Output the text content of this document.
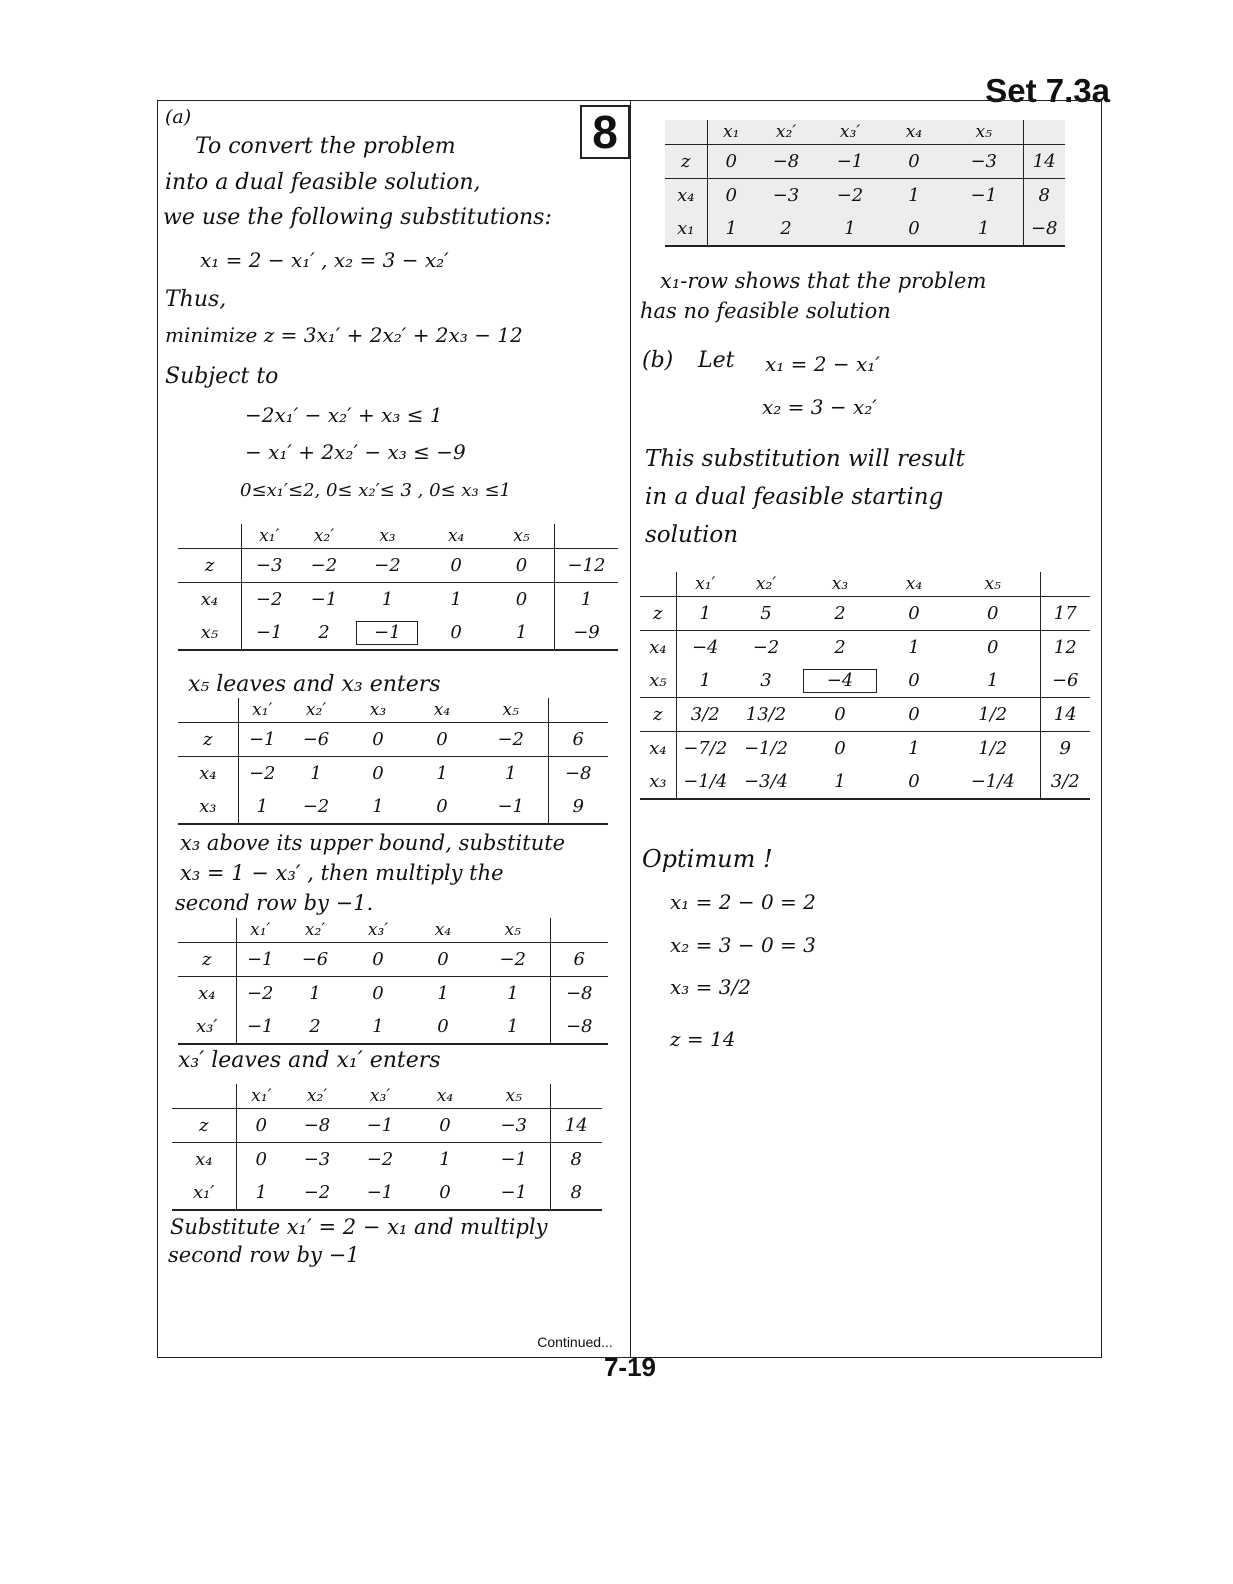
Set 7.3a
8
(a)
To convert the problem
into a dual feasible solution,
we use the following substitutions:
x₁ = 2 − x₁′ , x₂ = 3 − x₂′
Thus,
minimize z = 3x₁′ + 2x₂′ + 2x₃ − 12
Subject to
−2x₁′ − x₂′ + x₃ ≤ 1
− x₁′ + 2x₂′ − x₃ ≤ −9
0≤x₁′≤2, 0≤ x₂′≤ 3 , 0≤ x₃ ≤1
	x₁′	x₂′	x₃	x₄	x₅	
z	−3	−2	−2	0	0	−12
x₄	−2	−1	1	1	0	1
x₅	−1	2	−1	0	1	−9
x₅ leaves and x₃ enters
	x₁′	x₂′	x₃	x₄	x₅	
z	−1	−6	0	0	−2	6
x₄	−2	1	0	1	1	−8
x₃	1	−2	1	0	−1	9
x₃ above its upper bound, substitute
x₃ = 1 − x₃′ , then multiply the
second row by −1.
	x₁′	x₂′	x₃′	x₄	x₅	
z	−1	−6	0	0	−2	6
x₄	−2	1	0	1	1	−8
x₃′	−1	2	1	0	1	−8
x₃′ leaves and x₁′ enters
	x₁′	x₂′	x₃′	x₄	x₅	
z	0	−8	−1	0	−3	14
x₄	0	−3	−2	1	−1	8
x₁′	1	−2	−1	0	−1	8
Substitute x₁′ = 2 − x₁ and multiply
second row by −1
	x₁	x₂′	x₃′	x₄	x₅	
z	0	−8	−1	0	−3	14
x₄	0	−3	−2	1	−1	8
x₁	1	2	1	0	1	−8
x₁-row shows that the problem
has no feasible solution
(b) Let x₁ = 2 − x₁′
x₂ = 3 − x₂′
This substitution will result
in a dual feasible starting
solution
	x₁′	x₂′	x₃	x₄	x₅	
z	1	5	2	0	0	17
x₄	−4	−2	2	1	0	12
x₅	1	3	−4	0	1	−6
z	3/2	13/2	0	0	1/2	14
x₄	−7/2	−1/2	0	1	1/2	9
x₃	−1/4	−3/4	1	0	−1/4	3/2
Optimum !
x₁ = 2 − 0 = 2
x₂ = 3 − 0 = 3
x₃ = 3/2
z = 14
Continued...
7-19
